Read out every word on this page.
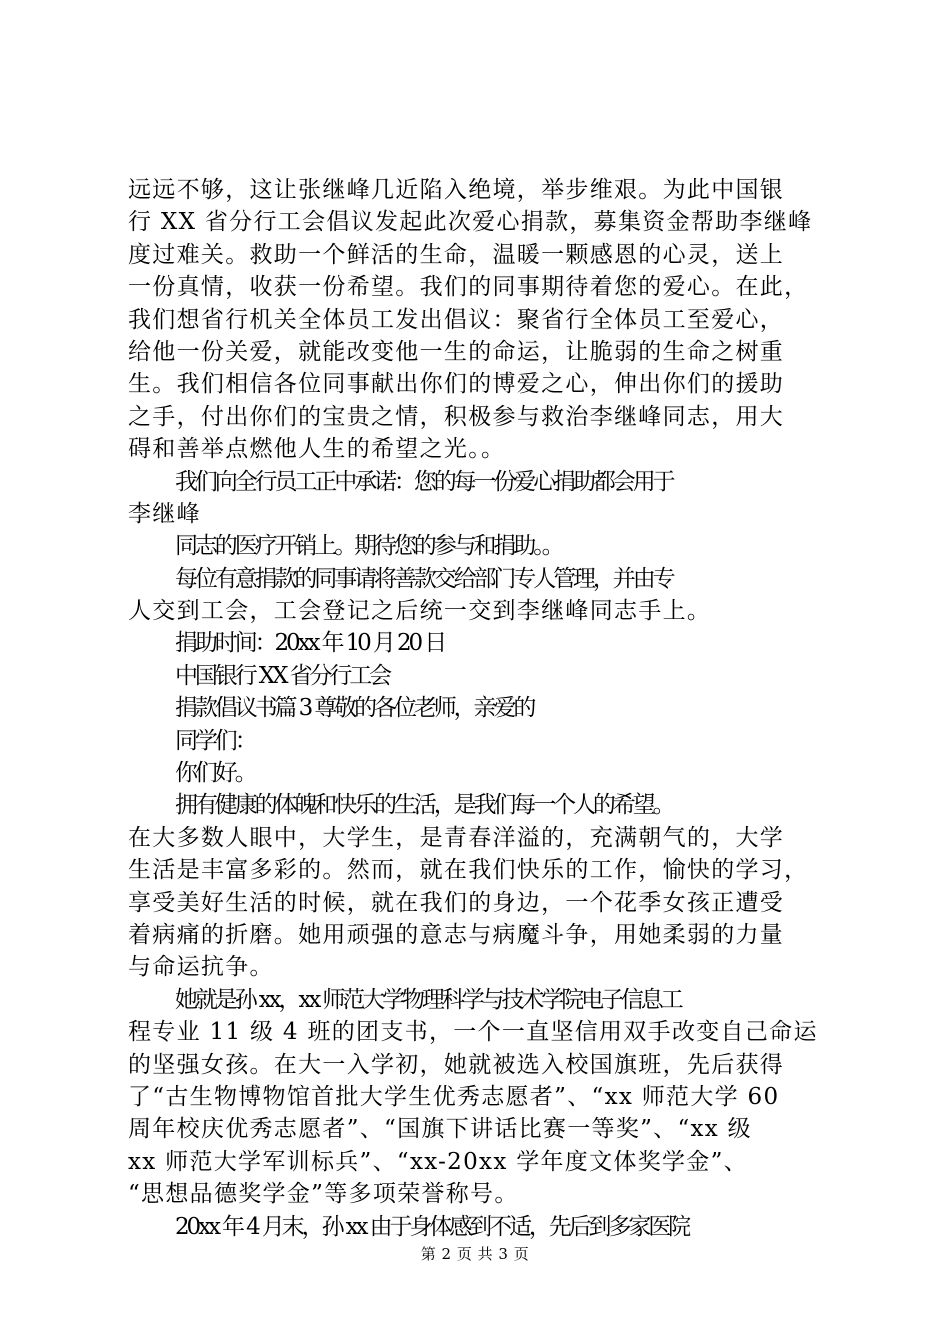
远远不够，这让张继峰几近陷入绝境，举步维艰。为此中国银
行 XX 省分行工会倡议发起此次爱心捐款，募集资金帮助李继峰
度过难关。救助一个鲜活的生命，温暖一颗感恩的心灵，送上
一份真情，收获一份希望。我们的同事期待着您的爱心。在此，
我们想省行机关全体员工发出倡议：聚省行全体员工至爱心，
给他一份关爱，就能改变他一生的命运，让脆弱的生命之树重
生。我们相信各位同事献出你们的博爱之心，伸出你们的援助
之手，付出你们的宝贵之情，积极参与救治李继峰同志，用大
碍和善举点燃他人生的希望之光。。
我们向全行员工正中承诺：您的每一份爱心捐助都会用于
李继峰
同志的医疗开销上。期待您的参与和捐助。。
每位有意捐款的同事请将善款交给部门专人管理，并由专
人交到工会，工会登记之后统一交到李继峰同志手上。
捐助时间：20xx 年 10 月 20 日
中国银行 XX 省分行工会
捐款倡议书篇 3 尊敬的各位老师，亲爱的
同学们：
你们好。
拥有健康的体魄和快乐的生活，是我们每一个人的希望。
在大多数人眼中，大学生，是青春洋溢的，充满朝气的，大学
生活是丰富多彩的。然而，就在我们快乐的工作，愉快的学习，
享受美好生活的时候，就在我们的身边，一个花季女孩正遭受
着病痛的折磨。她用顽强的意志与病魔斗争，用她柔弱的力量
与命运抗争。
她就是孙 xx，xx 师范大学物理科学与技术学院电子信息工
程专业 11 级 4 班的团支书，一个一直坚信用双手改变自己命运
的坚强女孩。在大一入学初，她就被选入校国旗班，先后获得
了“古生物博物馆首批大学生优秀志愿者”、“xx 师范大学 60
周年校庆优秀志愿者”、“国旗下讲话比赛一等奖”、“xx 级
xx 师范大学军训标兵”、“xx-20xx 学年度文体奖学金”、
“思想品德奖学金”等多项荣誉称号。
20xx 年 4 月末，孙 xx 由于身体感到不适，先后到多家医院
第 2 页 共 3 页
